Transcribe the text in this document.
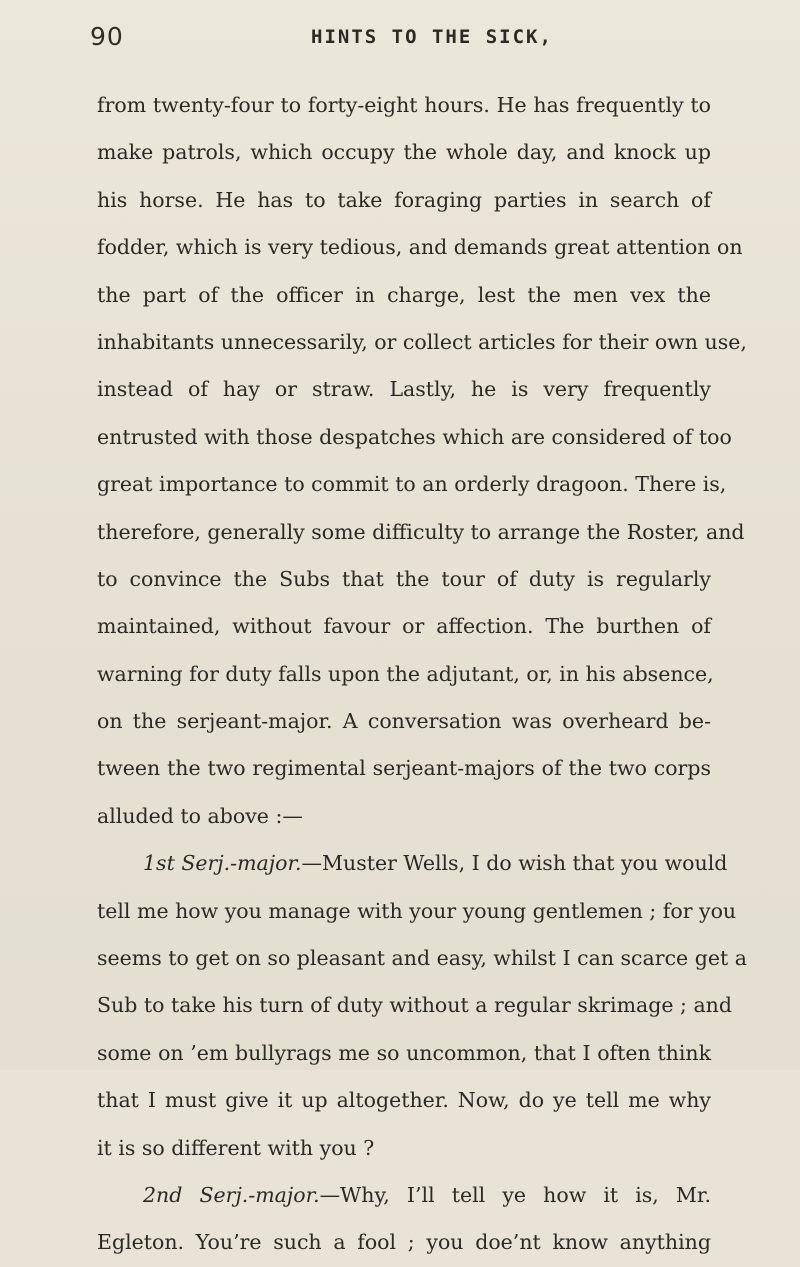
90	HINTS TO THE SICK,
from twenty-four to forty-eight hours. He has frequently to
make patrols, which occupy the whole day, and knock up
his horse. He has to take foraging parties in search of
fodder, which is very tedious, and demands great attention on
the part of the officer in charge, lest the men vex the
inhabitants unnecessarily, or collect articles for their own use,
instead of hay or straw. Lastly, he is very frequently
entrusted with those despatches which are considered of too
great importance to commit to an orderly dragoon. There is,
therefore, generally some difficulty to arrange the Roster, and
to convince the Subs that the tour of duty is regularly
maintained, without favour or affection. The burthen of
warning for duty falls upon the adjutant, or, in his absence,
on the serjeant-major. A conversation was overheard be-
tween the two regimental serjeant-majors of the two corps
alluded to above :—
1st Serj.-major.—Muster Wells, I do wish that you would
tell me how you manage with your young gentlemen ; for you
seems to get on so pleasant and easy, whilst I can scarce get a
Sub to take his turn of duty without a regular skrimage ; and
some on ’em bullyrags me so uncommon, that I often think
that I must give it up altogether. Now, do ye tell me why
it is so different with you ?
2nd Serj.-major.—Why, I’ll tell ye how it is, Mr.
Egleton. You’re such a fool ; you doe’nt know anything
